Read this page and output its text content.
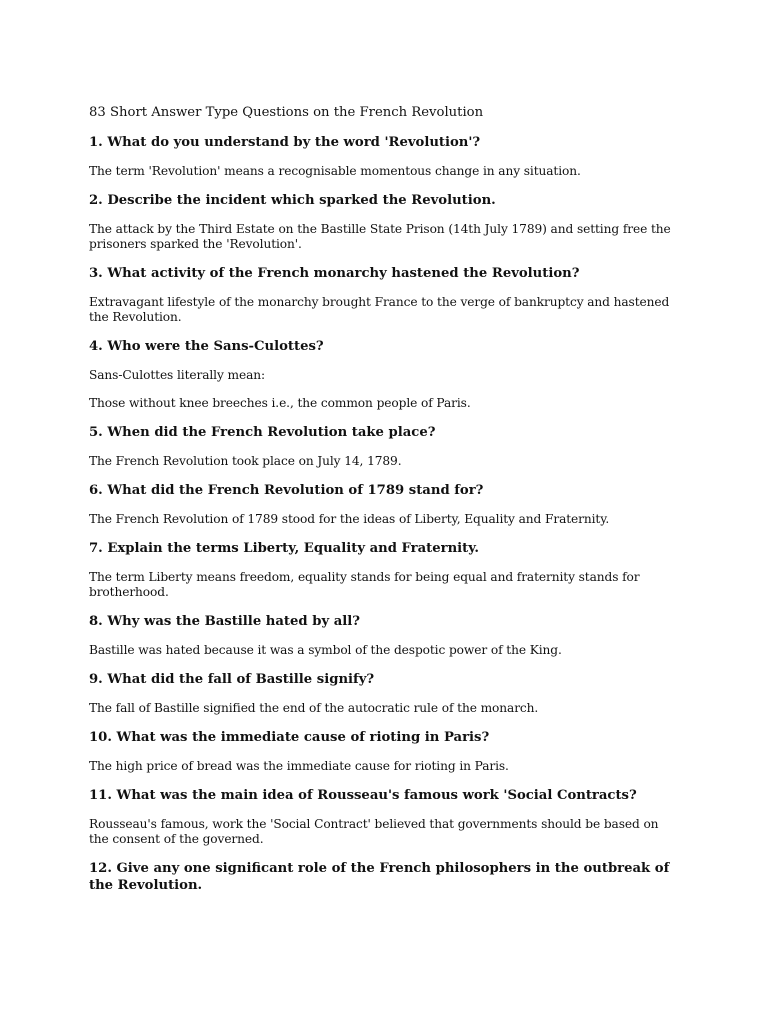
83 Short Answer Type Questions on the French Revolution

1. What do you understand by the word 'Revolution'?

The term 'Revolution' means a recognisable momentous change in any situation.

2. Describe the incident which sparked the Revolution.

The attack by the Third Estate on the Bastille State Prison (14th July 1789) and setting free the prisoners sparked the 'Revolution'.

3. What activity of the French monarchy hastened the Revolution?

Extravagant lifestyle of the monarchy brought France to the verge of bankruptcy and hastened the Revolution.

4. Who were the Sans-Culottes?

Sans-Culottes literally mean:

Those without knee breeches i.e., the common people of Paris.

5. When did the French Revolution take place?

The French Revolution took place on July 14, 1789.

6. What did the French Revolution of 1789 stand for?

The French Revolution of 1789 stood for the ideas of Liberty, Equality and Fraternity.

7. Explain the terms Liberty, Equality and Fraternity.

The term Liberty means freedom, equality stands for being equal and fraternity stands for brotherhood.

8. Why was the Bastille hated by all?

Bastille was hated because it was a symbol of the despotic power of the King.

9. What did the fall of Bastille signify?

The fall of Bastille signified the end of the autocratic rule of the monarch.

10. What was the immediate cause of rioting in Paris?

The high price of bread was the immediate cause for rioting in Paris.

11. What was the main idea of Rousseau's famous work 'Social Contracts?

Rousseau's famous, work the 'Social Contract' believed that governments should be based on the consent of the governed.

12. Give any one significant role of the French philosophers in the outbreak of the Revolution.
